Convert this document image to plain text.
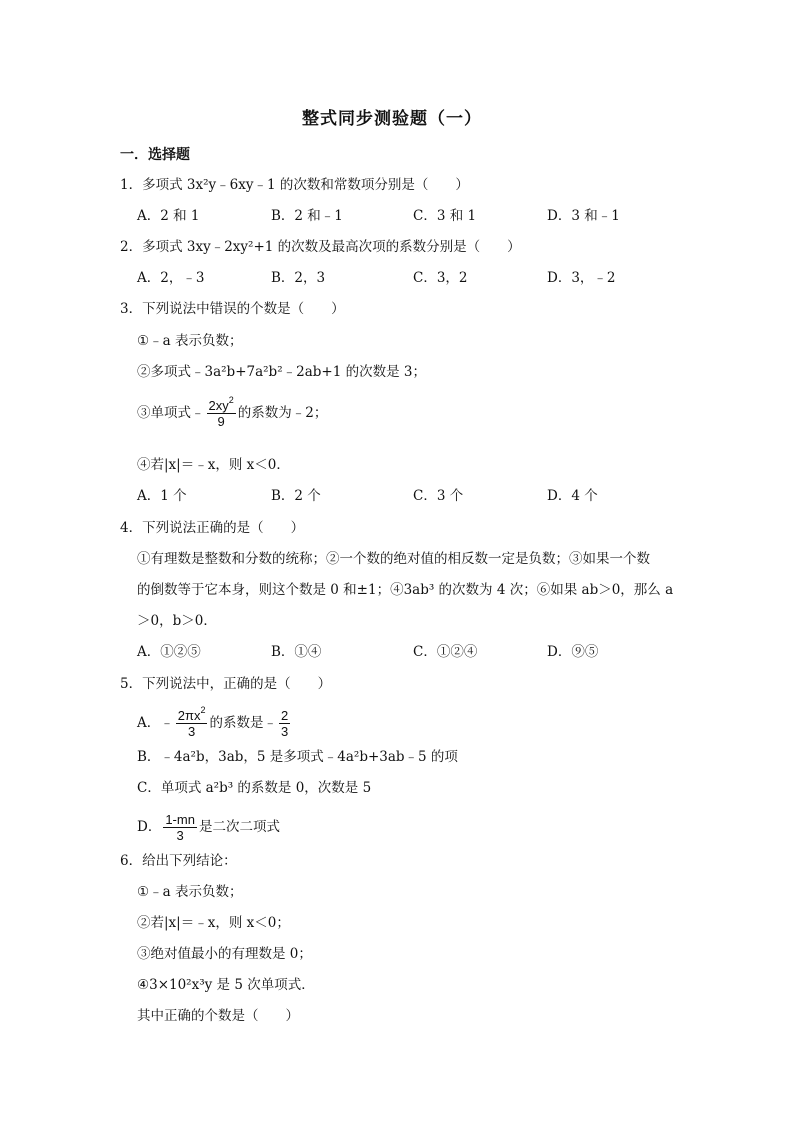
整式同步测验题（一）
一．选择题
1．多项式 3x²y﹣6xy﹣1 的次数和常数项分别是（　　）
A．2 和 1	B．2 和﹣1	C．3 和 1	D．3 和﹣1
2．多项式 3xy﹣2xy²+1 的次数及最高次项的系数分别是（　　）
A．2，﹣3	B．2，3	C．3，2	D．3，﹣2
3．下列说法中错误的个数是（　　）
①﹣a 表示负数；
②多项式﹣3a²b+7a²b²﹣2ab+1 的次数是 3；
③单项式﹣ $\frac{2xy^2}{9}$ 的系数为﹣2；
④若|x|＝﹣x，则 x＜0．
A．1 个	B．2 个	C．3 个	D．4 个
4．下列说法正确的是（　　）
①有理数是整数和分数的统称；②一个数的绝对值的相反数一定是负数；③如果一个数
的倒数等于它本身，则这个数是 0 和±1；④3ab³ 的次数为 4 次；⑥如果 ab＞0，那么 a
＞0，b＞0．
A．①②⑤	B．①④	C．①②④	D．⑨⑤
5．下列说法中，正确的是（　　）
A．﹣ $\frac{2\pi x^2}{3}$ 的系数是﹣ $\frac{2}{3}$
B．﹣4a²b，3ab，5 是多项式﹣4a²b+3ab﹣5 的项
C．单项式 a²b³ 的系数是 0，次数是 5
D． $\frac{1-mn}{3}$ 是二次二项式
6．给出下列结论：
①﹣a 表示负数；
②若|x|＝﹣x，则 x＜0；
③绝对值最小的有理数是 0；
④3×10²x³y 是 5 次单项式．
其中正确的个数是（　　）
